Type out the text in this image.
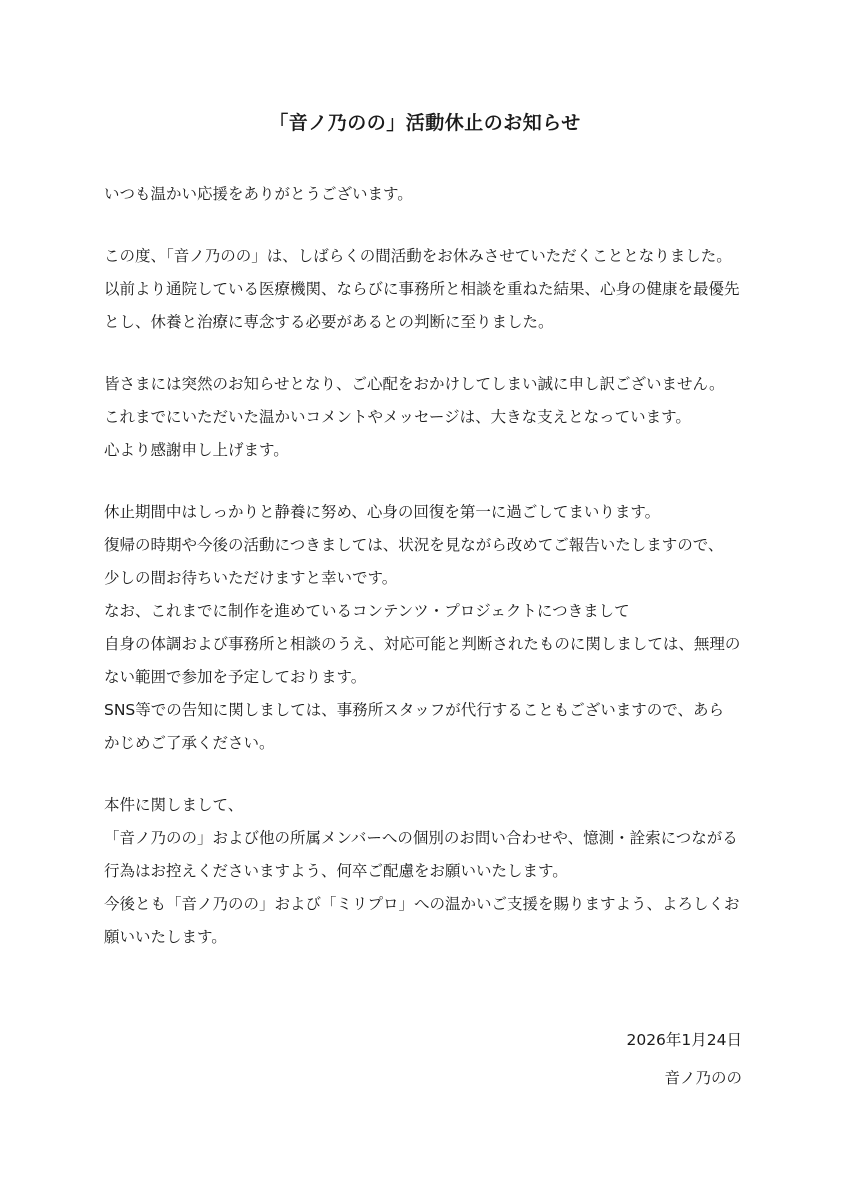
「音ノ乃のの」活動休止のお知らせ
いつも温かい応援をありがとうございます。
この度、「音ノ乃のの」は、しばらくの間活動をお休みさせていただくこととなりました。
以前より通院している医療機関、ならびに事務所と相談を重ねた結果、心身の健康を最優先
とし、休養と治療に専念する必要があるとの判断に至りました。
皆さまには突然のお知らせとなり、ご心配をおかけしてしまい誠に申し訳ございません。
これまでにいただいた温かいコメントやメッセージは、大きな支えとなっています。
心より感謝申し上げます。
休止期間中はしっかりと静養に努め、心身の回復を第一に過ごしてまいります。
復帰の時期や今後の活動につきましては、状況を見ながら改めてご報告いたしますので、
少しの間お待ちいただけますと幸いです。
なお、これまでに制作を進めているコンテンツ・プロジェクトにつきまして
自身の体調および事務所と相談のうえ、対応可能と判断されたものに関しましては、無理の
ない範囲で参加を予定しております。
SNS等での告知に関しましては、事務所スタッフが代行することもございますので、あら
かじめご了承ください。
本件に関しまして、
「音ノ乃のの」および他の所属メンバーへの個別のお問い合わせや、憶測・詮索につながる
行為はお控えくださいますよう、何卒ご配慮をお願いいたします。
今後とも「音ノ乃のの」および「ミリプロ」への温かいご支援を賜りますよう、よろしくお
願いいたします。
2026年1月24日
音ノ乃のの
